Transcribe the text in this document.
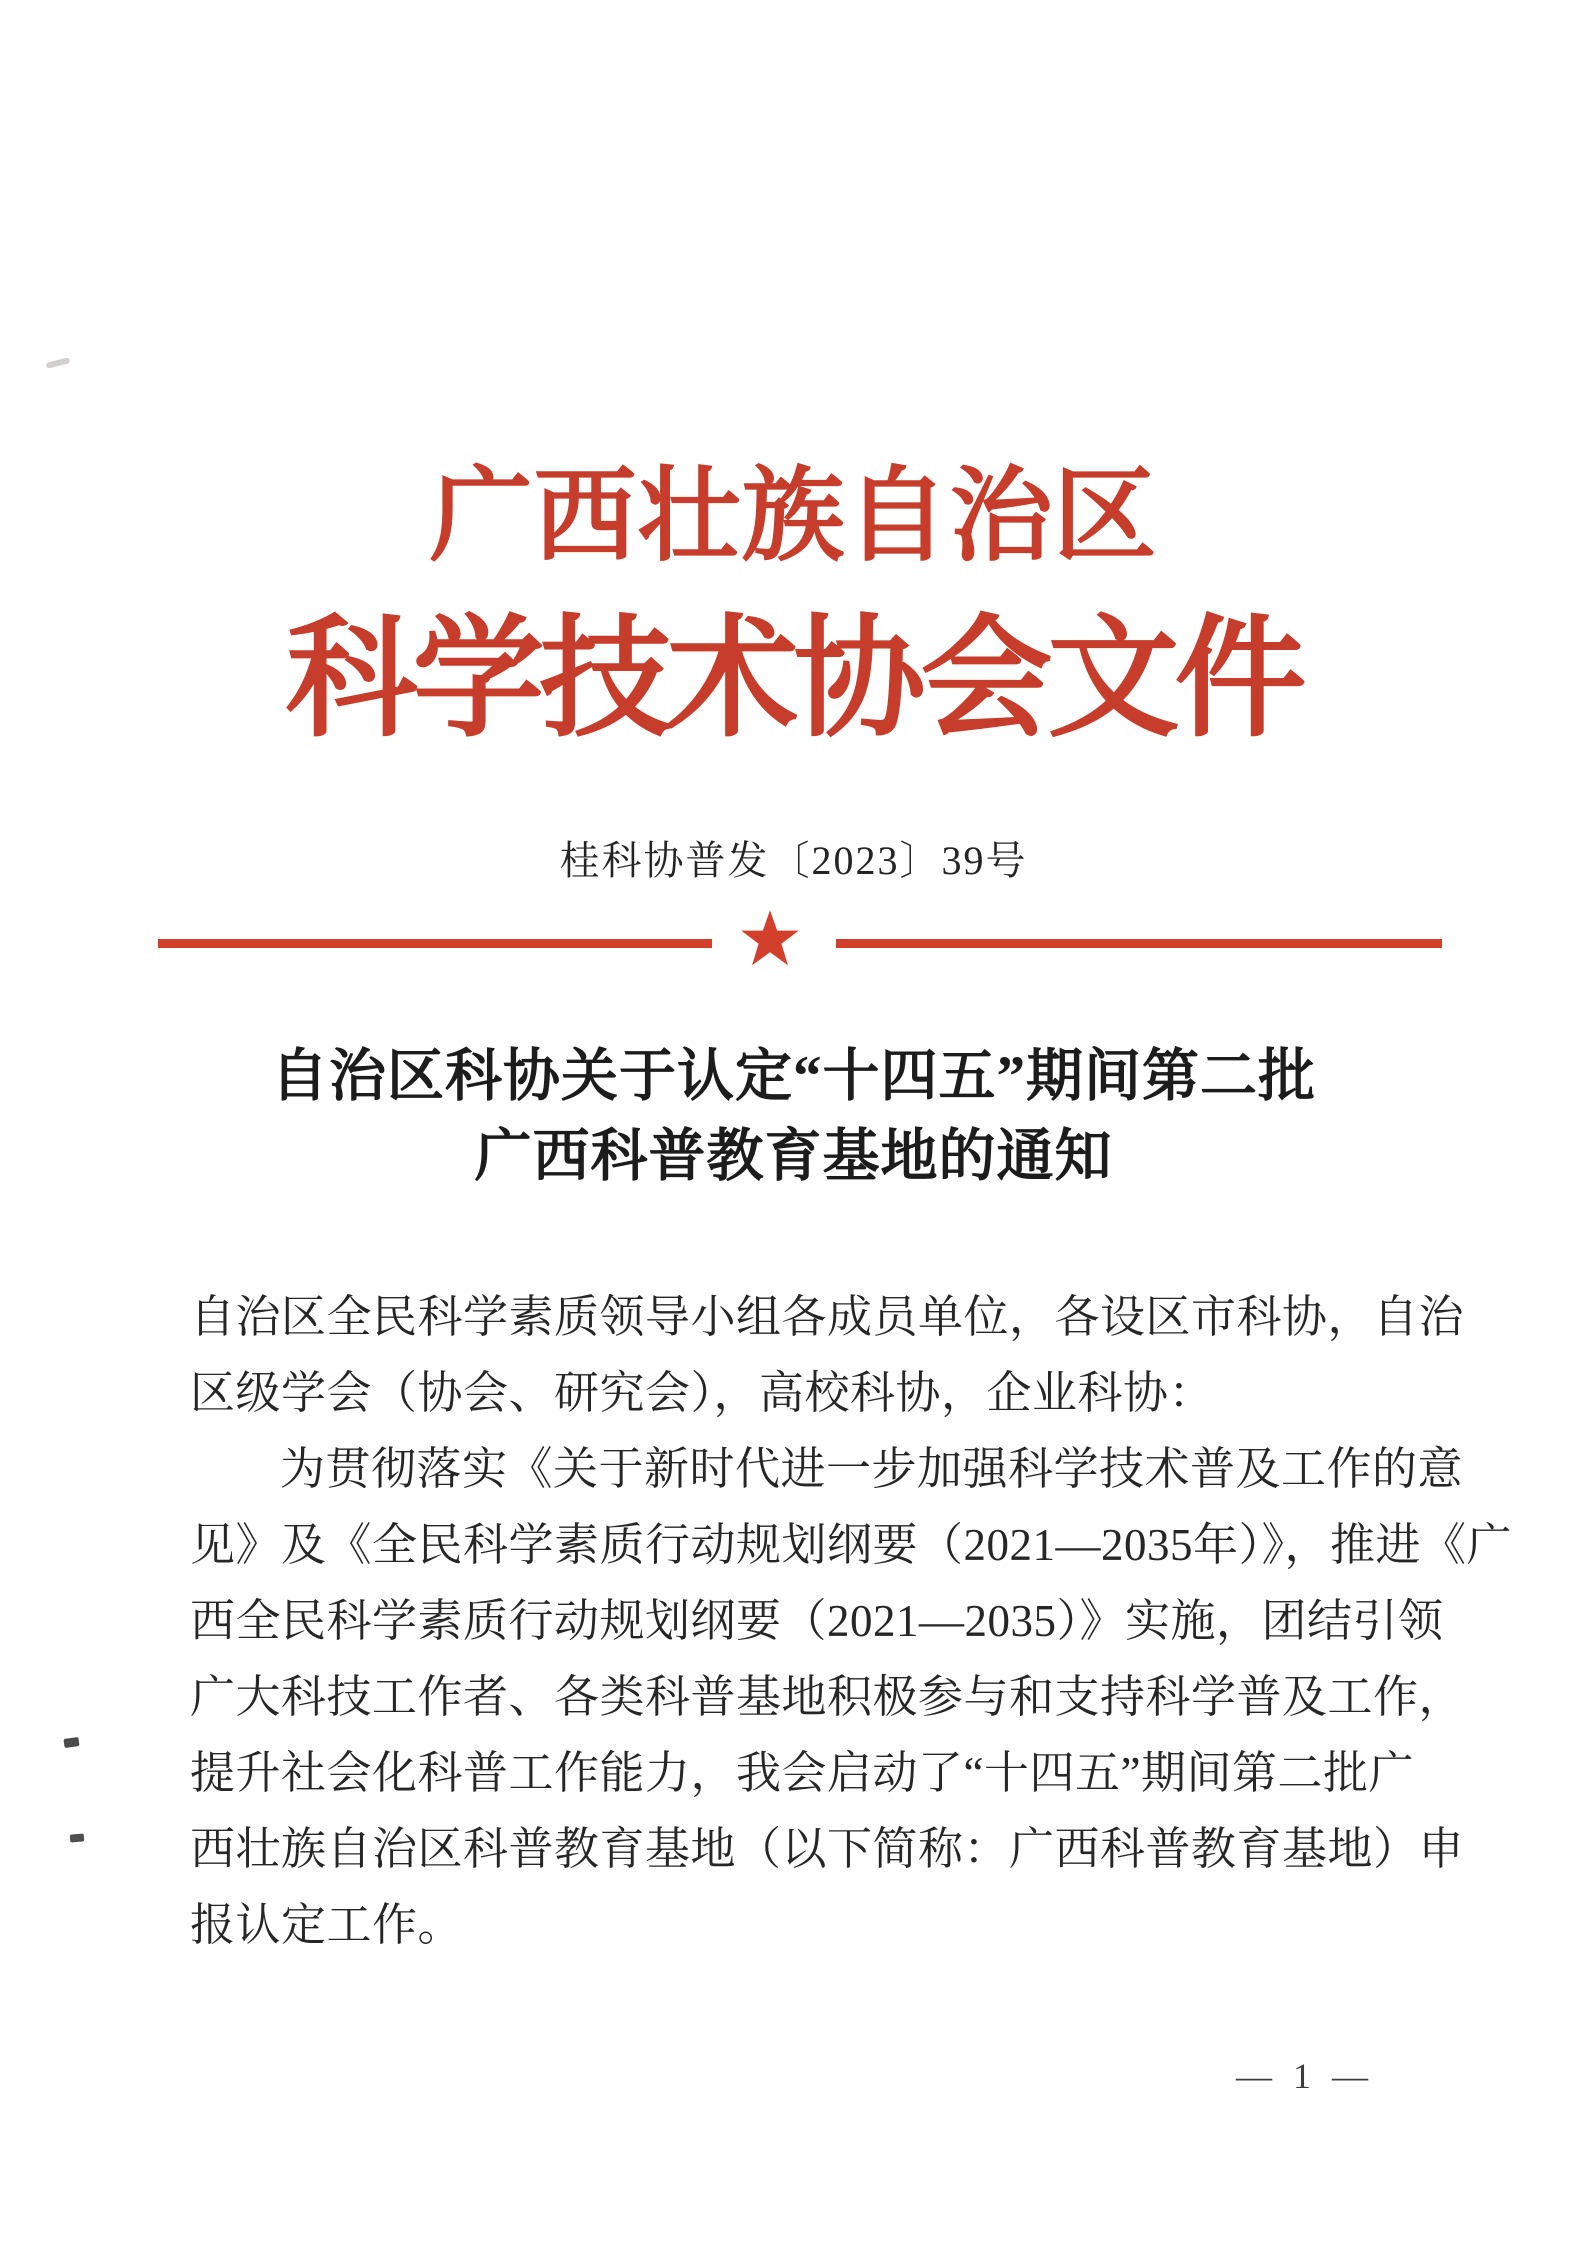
广西壮族自治区
科学技术协会文件
桂科协普发〔2023〕39号
自治区科协关于认定“十四五”期间第二批
广西科普教育基地的通知
自治区全民科学素质领导小组各成员单位，各设区市科协，自治
区级学会（协会、研究会），高校科协，企业科协：
为贯彻落实《关于新时代进一步加强科学技术普及工作的意
见》及《全民科学素质行动规划纲要（2021—2035年）》，推进《广
西全民科学素质行动规划纲要（2021—2035）》实施，团结引领
广大科技工作者、各类科普基地积极参与和支持科学普及工作，
提升社会化科普工作能力，我会启动了“十四五”期间第二批广
西壮族自治区科普教育基地（以下简称：广西科普教育基地）申
报认定工作。
— 1 —
